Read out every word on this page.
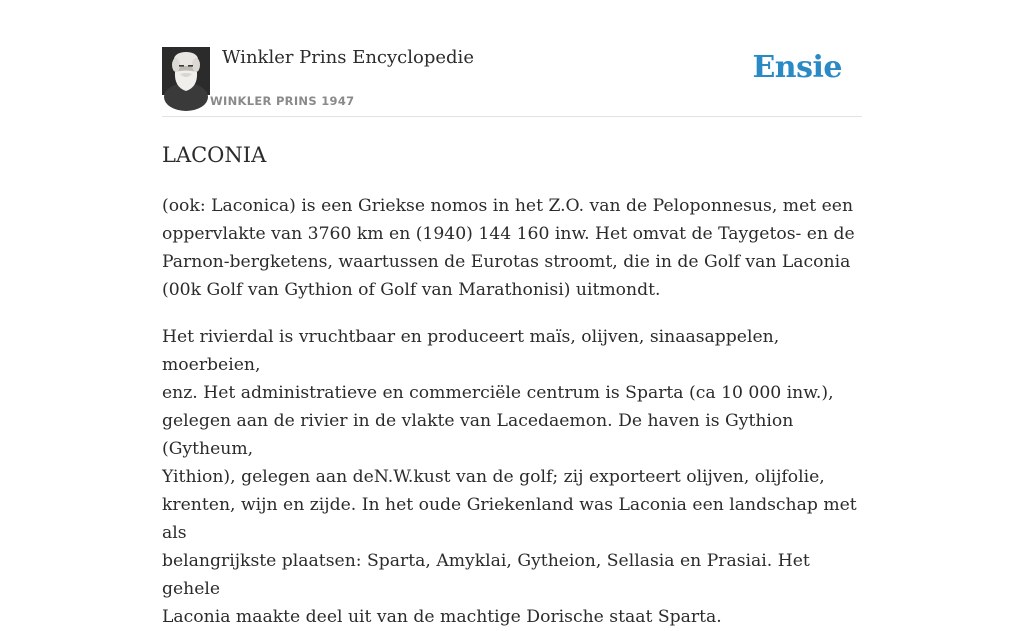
Winkler Prins Encyclopedie
WINKLER PRINS 1947
Ensie
LACONIA

(ook: Laconica) is een Griekse nomos in het Z.O. van de Peloponnesus, met een
oppervlakte van 3760 km en (1940) 144 160 inw. Het omvat de Taygetos- en de
Parnon-bergketens, waartussen de Eurotas stroomt, die in de Golf van Laconia
(00k Golf van Gythion of Golf van Marathonisi) uitmondt.

Het rivierdal is vruchtbaar en produceert maïs, olijven, sinaasappelen, moerbeien,
enz. Het administratieve en commerciële centrum is Sparta (ca 10 000 inw.),
gelegen aan de rivier in de vlakte van Lacedaemon. De haven is Gythion (Gytheum,
Yithion), gelegen aan deN.W.kust van de golf; zij exporteert olijven, olijfolie,
krenten, wijn en zijde. In het oude Griekenland was Laconia een landschap met als
belangrijkste plaatsen: Sparta, Amyklai, Gytheion, Sellasia en Prasiai. Het gehele
Laconia maakte deel uit van de machtige Dorische staat Sparta.
